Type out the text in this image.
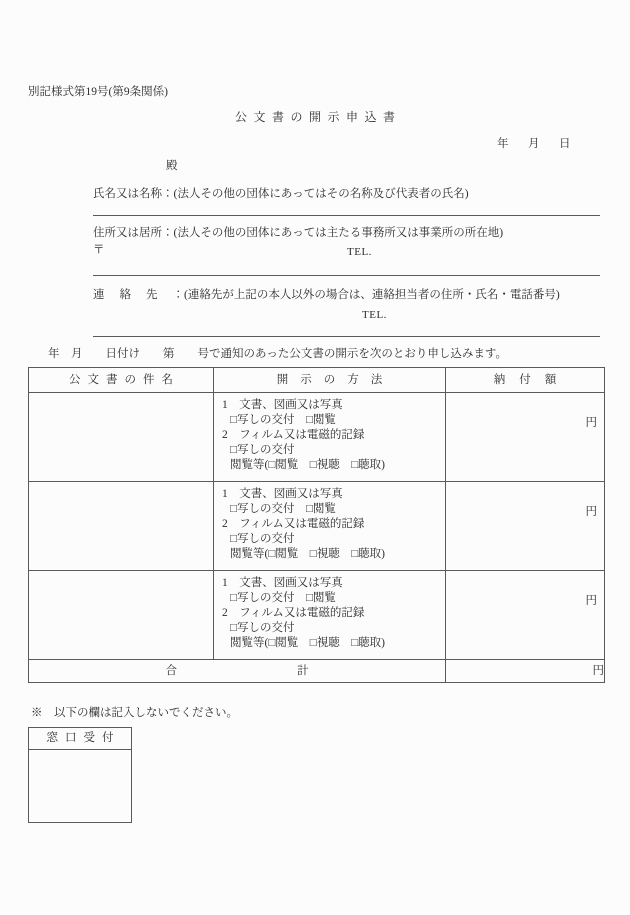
別記様式第19号(第9条関係)
公文書の開示申込書
年　月　日
殿
氏名又は名称：(法人その他の団体にあってはその名称及び代表者の氏名)
住所又は居所：(法人その他の団体にあっては主たる事務所又は事業所の所在地)
〒	TEL.
連絡先：(連絡先が上記の本人以外の場合は、連絡担当者の住所・氏名・電話番号)
TEL.
年　月　　日付け　　第　　号で通知のあった公文書の開示を次のとおり申し込みます。
公文書の件名	開示の方法	納付額

	1　文書、図画又は写真
□写しの交付　□閲覧
2　フィルム又は電磁的記録
□写しの交付
閲覧等(□閲覧　□視聴　□聴取)	円

	1　文書、図画又は写真
□写しの交付　□閲覧
2　フィルム又は電磁的記録
□写しの交付
閲覧等(□閲覧　□視聴　□聴取)	円

	1　文書、図画又は写真
□写しの交付　□閲覧
2　フィルム又は電磁的記録
□写しの交付
閲覧等(□閲覧　□視聴　□聴取)	円

合 計		円
※　以下の欄は記入しないでください。
窓口受付
